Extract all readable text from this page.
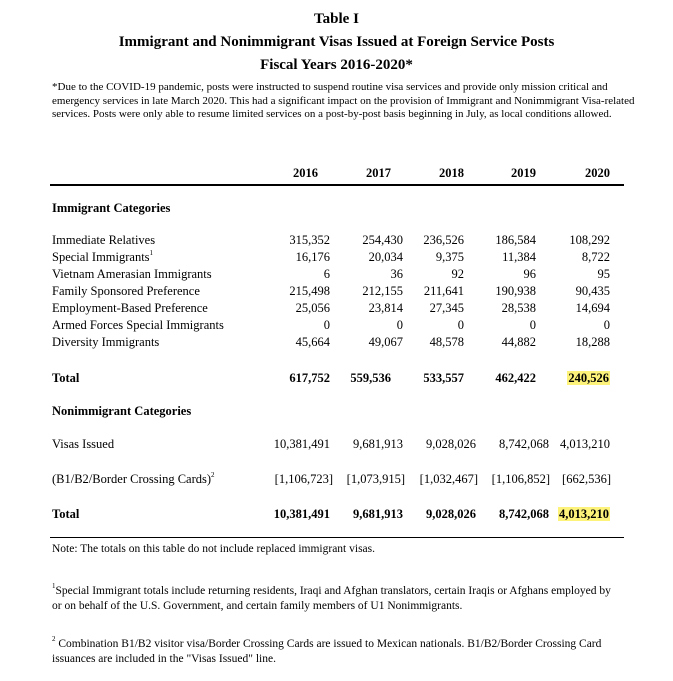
Table I
Immigrant and Nonimmigrant Visas Issued at Foreign Service Posts
Fiscal Years 2016-2020*
*Due to the COVID-19 pandemic, posts were instructed to suspend routine visa services and provide only mission critical and emergency services in late March 2020. This had a significant impact on the provision of Immigrant and Nonimmigrant Visa-related services. Posts were only able to resume limited services on a post-by-post basis beginning in July, as local conditions allowed.
2016	2017	2018	2019	2020
Immigrant Categories
Immediate Relatives	315,352	254,430 236,526	186,584	108,292
Special Immigrants$^1$	16,176	20,034	9,375	11,384	8,722
Vietnam Amerasian Immigrants	6	36	92	96	95
Family Sponsored Preference	215,498	212,155 211,641	190,938	90,435
Employment-Based Preference	25,056	23,814 27,345	28,538	14,694
Armed Forces Special Immigrants	0	0	0	0	0
Diversity Immigrants	45,664	49,067 48,578	44,882	18,288
Total	617,752 559,536	533,557	462,422	240,526
Nonimmigrant Categories
Visas Issued	10,381,491 9,681,913 9,028,026 8,742,068 4,013,210
(B1/B2/Border Crossing Cards)$^2$	[1,106,723] [1,073,915] [1,032,467] [1,106,852] [662,536]
Total	10,381,491 9,681,913 9,028,026 8,742,068 4,013,210
Note: The totals on this table do not include replaced immigrant visas.
$^1$Special Immigrant totals include returning residents, Iraqi and Afghan translators, certain Iraqis or Afghans employed by or on behalf of the U.S. Government, and certain family members of U1 Nonimmigrants.
$^2$ Combination B1/B2 visitor visa/Border Crossing Cards are issued to Mexican nationals. B1/B2/Border Crossing Card issuances are included in the "Visas Issued" line.
